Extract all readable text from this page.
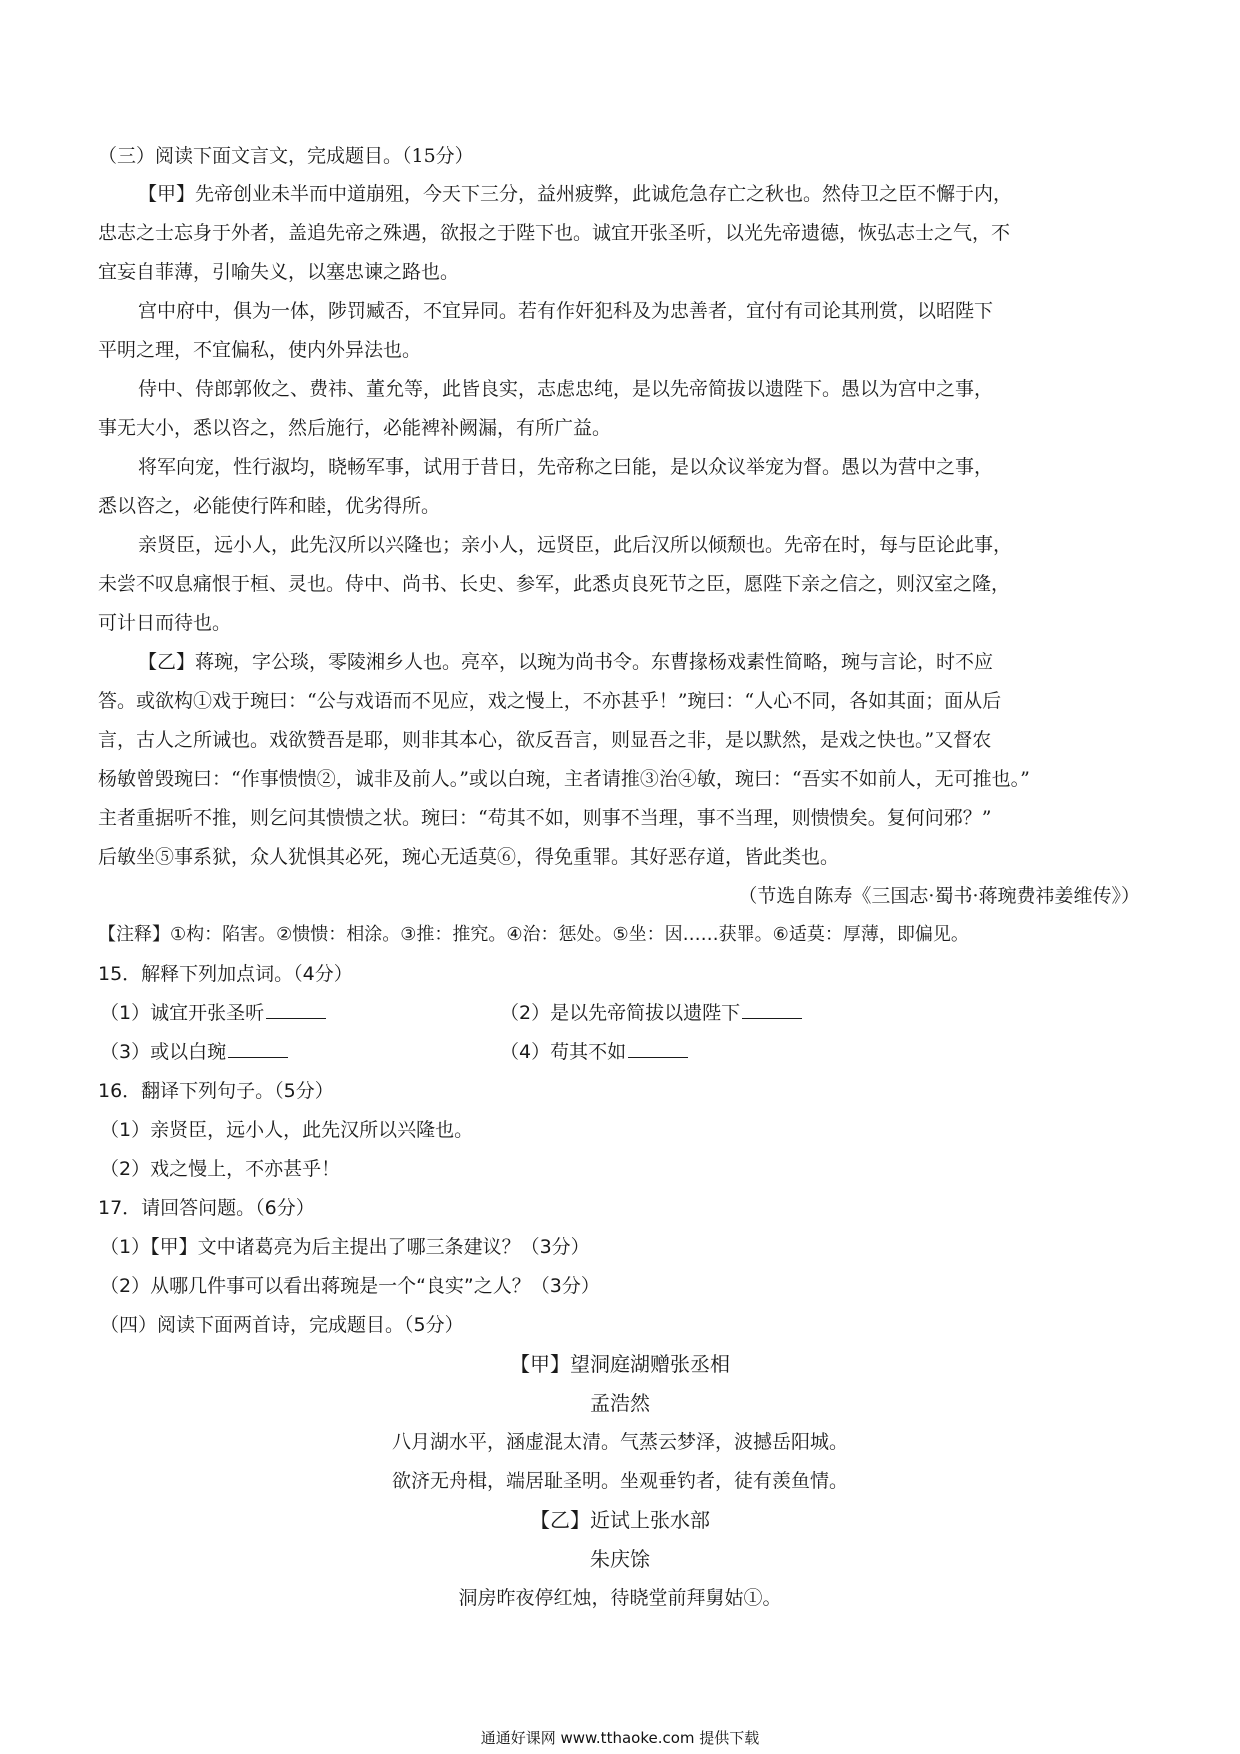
（三）阅读下面文言文，完成题目。（15分）
【甲】先帝创业未半而中道崩殂，今天下三分，益州疲弊，此诚危急存亡之秋也。然侍卫之臣不懈于内，
忠志之士忘身于外者，盖追先帝之殊遇，欲报之于陛下也。诚宜开张圣听，以光先帝遗德，恢弘志士之气，不
宜妄自菲薄，引喻失义，以塞忠谏之路也。
宫中府中，俱为一体，陟罚臧否，不宜异同。若有作奸犯科及为忠善者，宜付有司论其刑赏，以昭陛下
平明之理，不宜偏私，使内外异法也。
侍中、侍郎郭攸之、费祎、董允等，此皆良实，志虑忠纯，是以先帝简拔以遗陛下。愚以为宫中之事，
事无大小，悉以咨之，然后施行，必能裨补阙漏，有所广益。
将军向宠，性行淑均，晓畅军事，试用于昔日，先帝称之曰能，是以众议举宠为督。愚以为营中之事，
悉以咨之，必能使行阵和睦，优劣得所。
亲贤臣，远小人，此先汉所以兴隆也；亲小人，远贤臣，此后汉所以倾颓也。先帝在时，每与臣论此事，
未尝不叹息痛恨于桓、灵也。侍中、尚书、长史、参军，此悉贞良死节之臣，愿陛下亲之信之，则汉室之隆，
可计日而待也。
【乙】蒋琬，字公琰，零陵湘乡人也。亮卒，以琬为尚书令。东曹掾杨戏素性简略，琬与言论，时不应
答。或欲构①戏于琬曰：“公与戏语而不见应，戏之慢上，不亦甚乎！”琬曰：“人心不同，各如其面；面从后
言，古人之所诫也。戏欲赞吾是耶，则非其本心，欲反吾言，则显吾之非，是以默然，是戏之快也。”又督农
杨敏曾毁琬曰：“作事愦愦②，诚非及前人。”或以白琬，主者请推③治④敏，琬曰：“吾实不如前人，无可推也。”
主者重据听不推，则乞问其愦愦之状。琬曰：“苟其不如，则事不当理，事不当理，则愦愦矣。复何问邪？”
后敏坐⑤事系狱，众人犹惧其必死，琬心无适莫⑥，得免重罪。其好恶存道，皆此类也。
（节选自陈寿《三国志·蜀书·蒋琬费祎姜维传》）
【注释】①构：陷害。②愦愦：相涂。③推：推究。④治：惩处。⑤坐：因……获罪。⑥适莫：厚薄，即偏见。
15．解释下列加点词。（4分）
（1）诚宜开张圣听	（2）是以先帝简拔以遗陛下
（3）或以白琬	（4）苟其不如
16．翻译下列句子。（5分）
（1）亲贤臣，远小人，此先汉所以兴隆也。
（2）戏之慢上，不亦甚乎！
17．请回答问题。（6分）
（1）【甲】文中诸葛亮为后主提出了哪三条建议？（3分）
（2）从哪几件事可以看出蒋琬是一个“良实”之人？（3分）
（四）阅读下面两首诗，完成题目。（5分）
【甲】望洞庭湖赠张丞相
孟浩然
八月湖水平，涵虚混太清。气蒸云梦泽，波撼岳阳城。
欲济无舟楫，端居耻圣明。坐观垂钓者，徒有羡鱼情。
【乙】近试上张水部
朱庆馀
洞房昨夜停红烛，待晓堂前拜舅姑①。
通通好课网 www.tthaoke.com 提供下载
